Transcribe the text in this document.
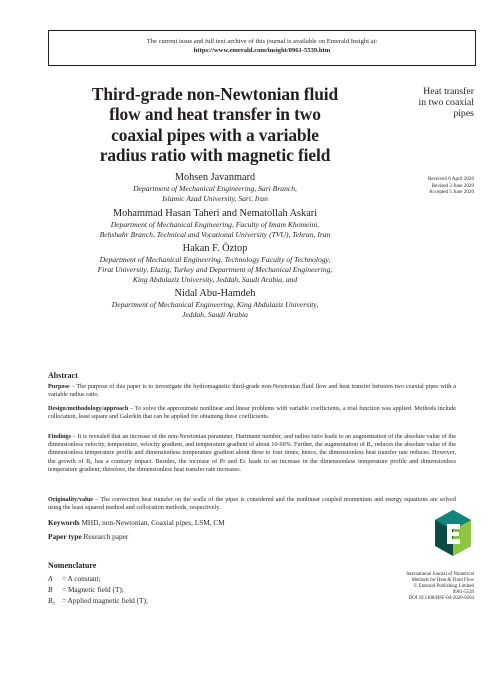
The current issue and full text archive of this journal is available on Emerald Insight at:
https://www.emerald.com/insight/0961-5539.htm
Third-grade non-Newtonian fluid
flow and heat transfer in two
coaxial pipes with a variable
radius ratio with magnetic field
Heat transfer
in two coaxial
pipes
Received 6 April 2020
Revised 3 June 2020
Accepted 5 June 2020
Mohsen Javanmard
Department of Mechanical Engineering, Sari Branch,
Islamic Azad University, Sari, Iran
Mohammad Hasan Taheri and Nematollah Askari
Department of Mechanical Engineering, Faculty of Imam Khomeini,
Behshahr Branch, Technical and Vocational University (TVU), Tehran, Iran
Hakan F. Öztop
Department of Mechanical Engineering, Technology Faculty of Technology,
Firat University, Elazig, Turkey and Department of Mechanical Engineering,
King Abdulaziz University, Jeddah, Saudi Arabia, and
Nidal Abu-Hamdeh
Department of Mechanical Engineering, King Abdulaziz University,
Jeddah, Saudi Arabia
Abstract
Purpose – The purpose of this paper is to investigate the hydromagnetic third-grade non-Newtonian fluid flow and heat transfer between two coaxial pipes with a variable radius ratio.
Design/methodology/approach – To solve the approximate nonlinear and linear problems with variable coefficients, a trial function was applied. Methods include collocation, least square and Galerkin that can be applied for obtaining these coefficients.
Findings – It is revealed that an increase of the non-Newtonian parameter, Hartmann number, and radius ratio leads to an augmentation of the absolute value of the dimensionless velocity, temperature, velocity gradient, and temperature gradient of about 10-60%. Further, the augmentation of B₀ reduces the absolute value of the dimensionless temperature profile and dimensionless temperature gradient about three to four times; hence, the dimensionless heat transfer rate reduces. However, the growth of B₀ has a contrary impact. Besides, the increase of Pr and Ec leads to an increase in the dimensionless temperature profile and dimensionless temperature gradient; therefore, the dimensionless heat transfer rate increases.
Originality/value – The convection heat transfer on the walls of the pipes is considered and the nonlinear coupled momentum and energy equations are solved using the least squared method and collocation methods, respectively.
Keywords MHD, non-Newtonian, Coaxial pipes, LSM, CM
Paper type Research paper
Nomenclature
A = A constant;
B = Magnetic field (T);
B₀ = Applied magnetic field (T);
International Journal of Numerical
Methods for Heat & Fluid Flow
© Emerald Publishing Limited
0961-5539
DOI 10.1108/HFF-04-2020-0204
